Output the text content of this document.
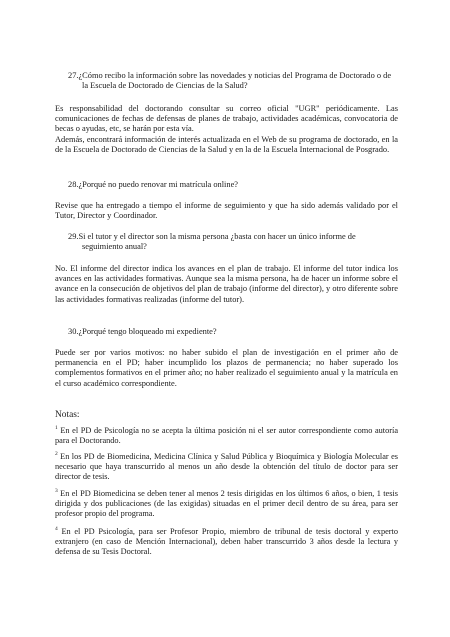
27.¿Cómo recibo la información sobre las novedades y noticias del Programa de Doctorado o de la Escuela de Doctorado de Ciencias de la Salud?

Es responsabilidad del doctorando consultar su correo oficial "UGR" periódicamente. Las comunicaciones de fechas de defensas de planes de trabajo, actividades académicas, convocatoria de becas o ayudas, etc, se harán por esta vía.

Además, encontrará información de interés actualizada en el Web de su programa de doctorado, en la de la Escuela de Doctorado de Ciencias de la Salud y en la de la Escuela Internacional de Posgrado.

28.¿Porqué no puedo renovar mi matrícula online?

Revise que ha entregado a tiempo el informe de seguimiento y que ha sido además validado por el Tutor, Director y Coordinador.

29.Si el tutor y el director son la misma persona ¿basta con hacer un único informe de seguimiento anual?

No. El informe del director indica los avances en el plan de trabajo. El informe del tutor indica los avances en las actividades formativas. Aunque sea la misma persona, ha de hacer un informe sobre el avance en la consecución de objetivos del plan de trabajo (informe del director), y otro diferente sobre las actividades formativas realizadas (informe del tutor).

30.¿Porqué tengo bloqueado mi expediente?

Puede ser por varios motivos: no haber subido el plan de investigación en el primer año de permanencia en el PD; haber incumplido los plazos de permanencia; no haber superado los complementos formativos en el primer año; no haber realizado el seguimiento anual y la matrícula en el curso académico correspondiente.

Notas:

$^1$ En el PD de Psicología no se acepta la última posición ni el ser autor correspondiente como autoría para el Doctorando.

$^2$ En los PD de Biomedicina, Medicina Clínica y Salud Pública y Bioquímica y Biología Molecular es necesario que haya transcurrido al menos un año desde la obtención del título de doctor para ser director de tesis.

$^3$ En el PD Biomedicina se deben tener al menos 2 tesis dirigidas en los últimos 6 años, o bien, 1 tesis dirigida y dos publicaciones (de las exigidas) situadas en el primer decil dentro de su área, para ser profesor propio del programa.

$^4$ En el PD Psicología, para ser Profesor Propio, miembro de tribunal de tesis doctoral y experto extranjero (en caso de Mención Internacional), deben haber transcurrido 3 años desde la lectura y defensa de su Tesis Doctoral.
